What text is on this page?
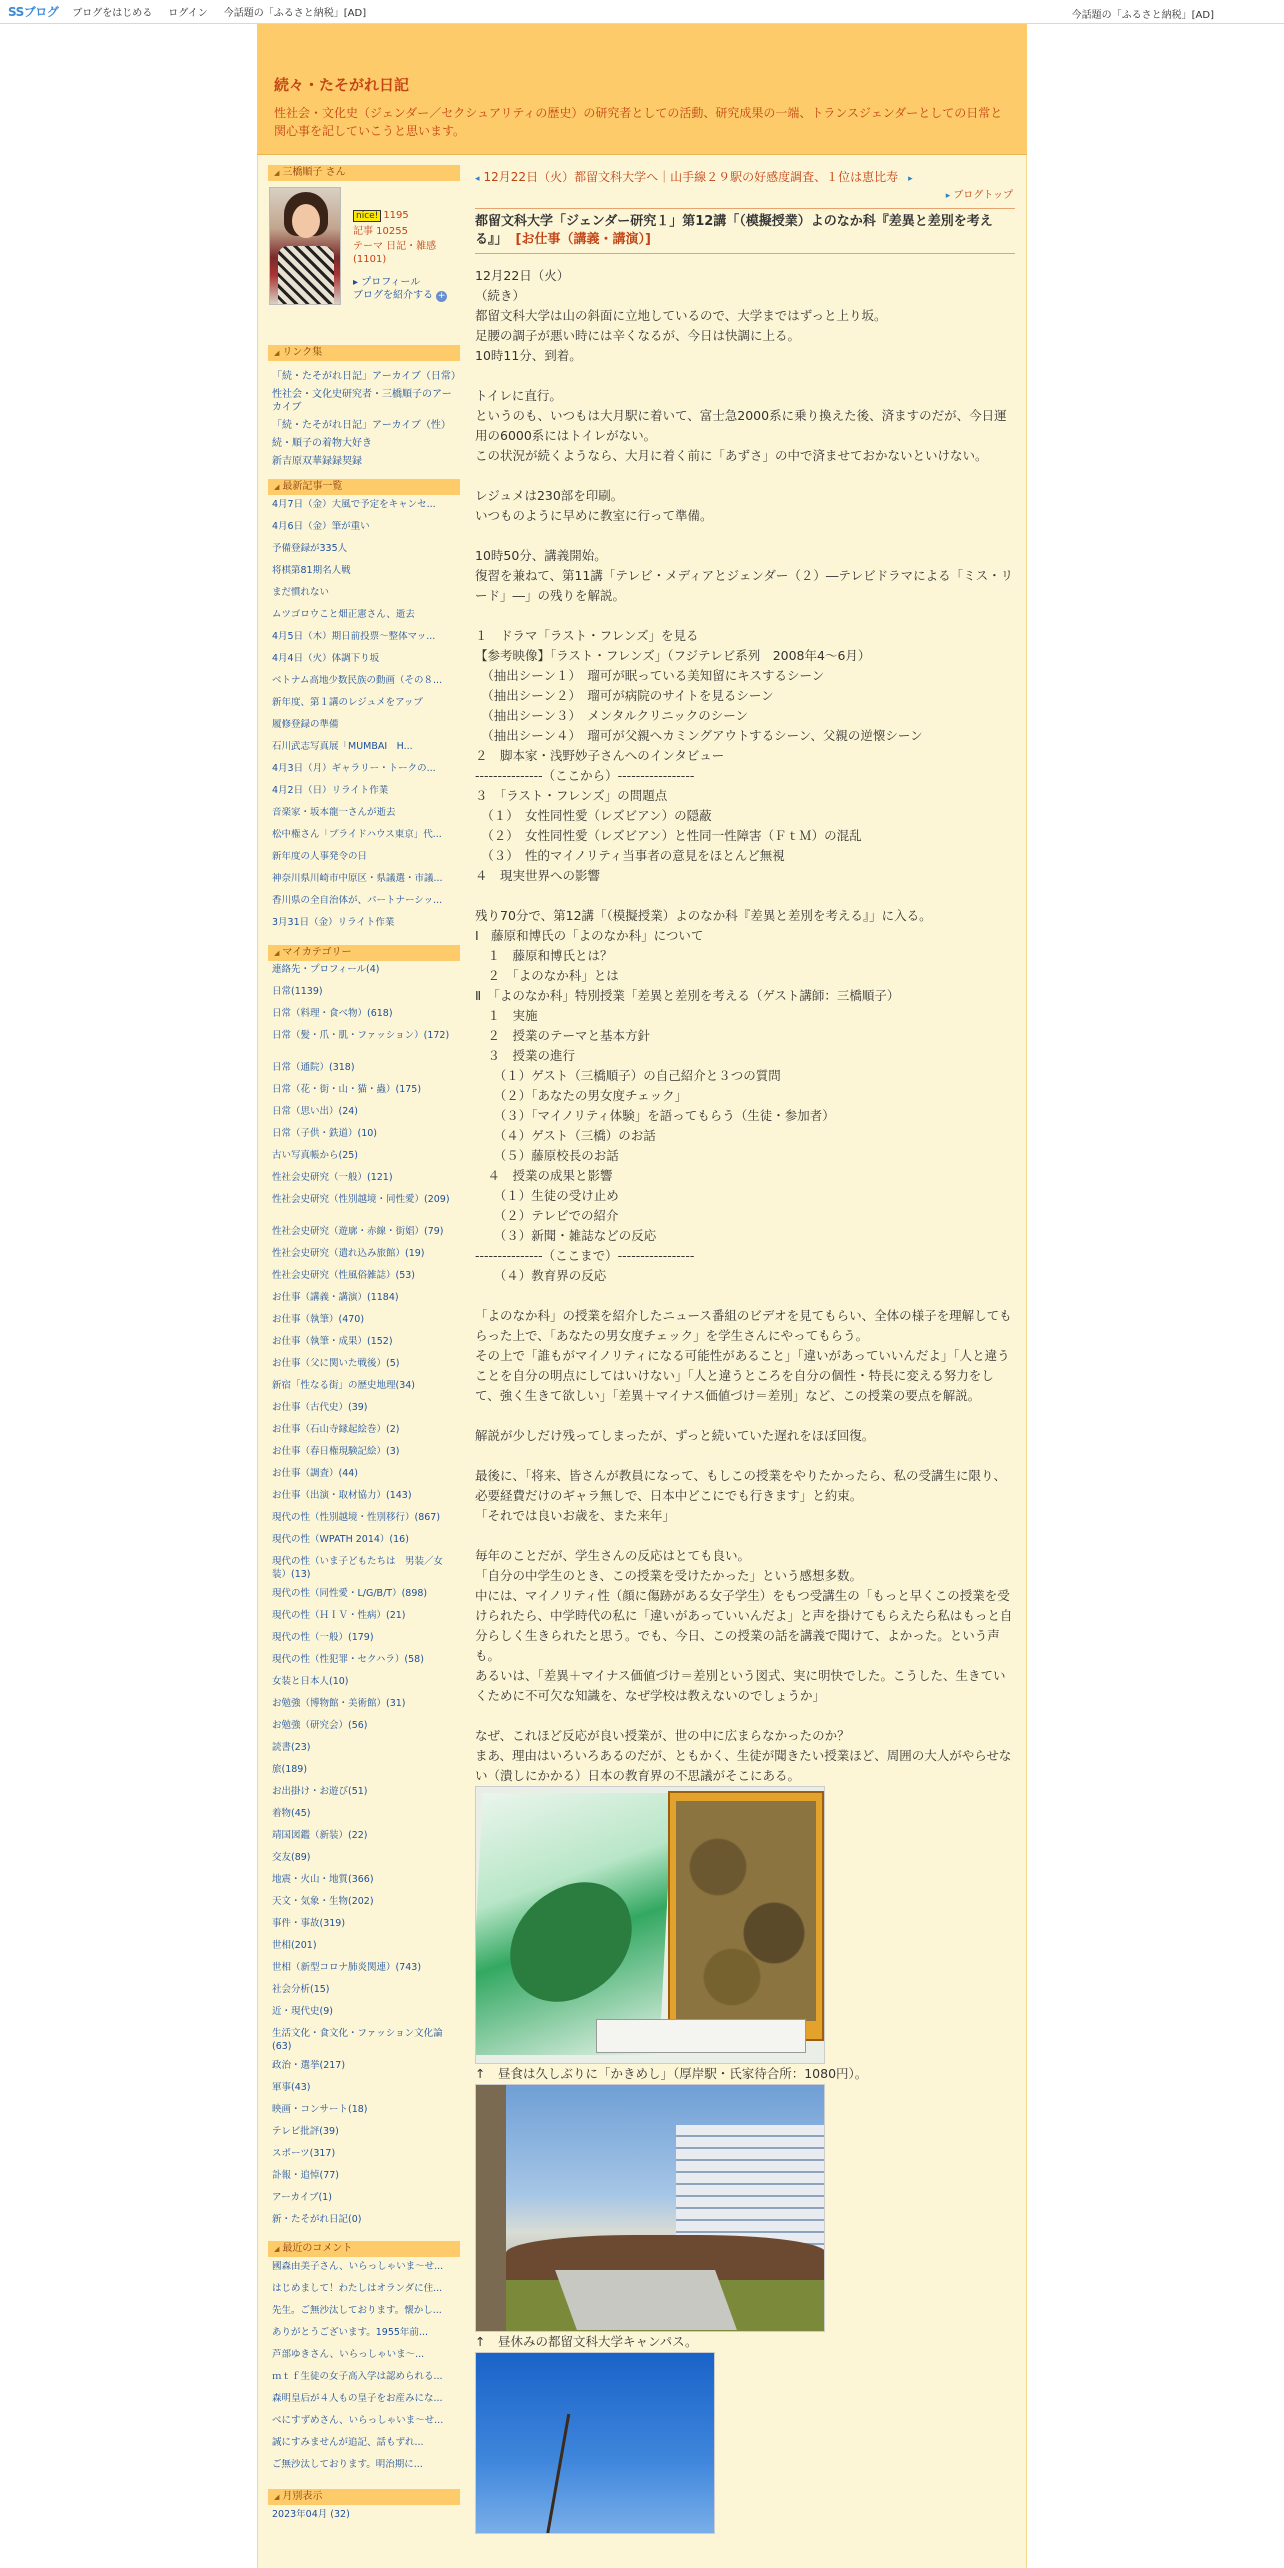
SSブログ ブログをはじめる ログイン 今話題の「ふるさと納税」[AD]	今話題の「ふるさと納税」[AD]
続々・たそがれ日記
性社会・文化史（ジェンダー／セクシュアリティの歴史）の研究者としての活動、研究成果の一端、トランスジェンダーとしての日常と関心事を記していこうと思います。
◢ 三橋順子 さん
nice! 1195
記事 10255
テーマ 日記・雑感 (1101)
▸ プロフィール
ブログを紹介する +
◢ リンク集
「続・たそがれ日記」アーカイブ（日常）
性社会・文化史研究者・三橋順子のアーカイブ
「続・たそがれ日記」アーカイブ（性）
続・順子の着物大好き
新吉原双華録録契録
◢ 最新記事一覧
4月7日（金）大風で予定をキャンセ...
4月6日（金）筆が重い
予備登録が335人
将棋第81期名人戦
まだ慣れない
ムツゴロウこと畑正憲さん、逝去
4月5日（木）期日前投票～整体マッ...
4月4日（火）体調下り坂
ベトナム高地少数民族の動画（その８...
新年度、第１講のレジュメをアップ
履修登録の準備
石川武志写真展「MUMBAI　H...
4月3日（月）ギャラリー・トークの...
4月2日（日）リライト作業
音楽家・坂本龍一さんが逝去
松中権さん「プライドハウス東京」代...
新年度の人事発令の日
神奈川県川崎市中原区・県議選・市議...
香川県の全自治体が、パートナーシッ...
3月31日（金）リライト作業
◢ マイカテゴリー
連絡先・プロフィール(4)
日常(1139)
日常（料理・食べ物）(618)
日常（髪・爪・肌・ファッション）(172)
日常（通院）(318)
日常（花・街・山・猫・蟲）(175)
日常（思い出）(24)
日常（子供・鉄道）(10)
古い写真帳から(25)
性社会史研究（一般）(121)
性社会史研究（性別越境・同性愛）(209)
性社会史研究（遊廓・赤線・街娼）(79)
性社会史研究（遣れ込み旅館）(19)
性社会史研究（性風俗雑誌）(53)
お仕事（講義・講演）(1184)
お仕事（執筆）(470)
お仕事（執筆・成果）(152)
お仕事（父に関いた戦後）(5)
新宿「性なる街」の歴史地理(34)
お仕事（古代史）(39)
お仕事（石山寺縁起絵巻）(2)
お仕事（春日権現験記絵）(3)
お仕事（調査）(44)
お仕事（出演・取材協力）(143)
現代の性（性別越境・性別移行）(867)
現代の性（WPATH 2014）(16)
現代の性（いま子どもたちは　男装／女装）(13)
現代の性（同性愛・L/G/B/T）(898)
現代の性（ＨＩＶ・性病）(21)
現代の性（一般）(179)
現代の性（性犯罪・セクハラ）(58)
女装と日本人(10)
お勉強（博物館・美術館）(31)
お勉強（研究会）(56)
読書(23)
旅(189)
お出掛け・お遊び(51)
着物(45)
靖国図鑑（新装）(22)
交友(89)
地震・火山・地質(366)
天文・気象・生物(202)
事件・事故(319)
世相(201)
世相（新型コロナ肺炎関連）(743)
社会分析(15)
近・現代史(9)
生活文化・食文化・ファッション文化論(63)
政治・選挙(217)
軍事(43)
映画・コンサート(18)
テレビ批評(39)
スポーツ(317)
訃報・追悼(77)
アーカイブ(1)
新・たそがれ日記(0)
◢ 最近のコメント
國森由美子さん、いらっしゃいま～せ...
はじめまして！わたしはオランダに住...
先生。ご無沙汰しております。懐かし...
ありがとうございます。1955年前...
芦部ゆきさん、いらっしゃいま～...
ｍｔｆ生徒の女子高入学は認められる...
森明皇后が４人もの皇子をお産みにな...
べにすずめさん、いらっしゃいま～せ...
誠にすみませんが追記、話もずれ...
ご無沙汰しております。明治期に...
◢ 月別表示
2023年04月 (32)
◂ 12月22日（火）都留文科大学へ｜山手線２９駅の好感度調査、１位は恵比寿 ▸
▸ ブログトップ
都留文科大学「ジェンダー研究１」第12講「（模擬授業）よのなか科『差異と差別を考える』」 [お仕事（講義・講演）]

12月22日（火）
（続き）
都留文科大学は山の斜面に立地しているので、大学まではずっと上り坂。
足腰の調子が悪い時には辛くなるが、今日は快調に上る。
10時11分、到着。

トイレに直行。
というのも、いつもは大月駅に着いて、富士急2000系に乗り換えた後、済ますのだが、今日運用の6000系にはトイレがない。
この状況が続くようなら、大月に着く前に「あずさ」の中で済ませておかないといけない。

レジュメは230部を印刷。
いつものように早めに教室に行って準備。

10時50分、講義開始。
復習を兼ねて、第11講「テレビ・メディアとジェンダー（２）―テレビドラマによる「ミス・リード」―」の残りを解説。

１　ドラマ「ラスト・フレンズ」を見る
【参考映像】「ラスト・フレンズ」（フジテレビ系列　2008年4～6月）
　（抽出シーン１）　瑠可が眠っている美知留にキスするシーン
　（抽出シーン２）　瑠可が病院のサイトを見るシーン
　（抽出シーン３）　メンタルクリニックのシーン
　（抽出シーン４）　瑠可が父親へカミングアウトするシーン、父親の逆懐シーン
２　脚本家・浅野妙子さんへのインタビュー
---------------（ここから）-----------------
３　「ラスト・フレンズ」の問題点
　（１）　女性同性愛（レズビアン）の隠蔽
　（２）　女性同性愛（レズビアン）と性同一性障害（ＦｔＭ）の混乱
　（３）　性的マイノリティ当事者の意見をほとんど無視
４　現実世界への影響

残り70分で、第12講「（模擬授業）よのなか科『差異と差別を考える』」に入る。
Ⅰ　藤原和博氏の「よのなか科」について
　１　藤原和博氏とは？
　２　「よのなか科」とは
Ⅱ　「よのなか科」特別授業「差異と差別を考える（ゲスト講師：三橋順子）
　１　実施
　２　授業のテーマと基本方針
　３　授業の進行
　　（１）ゲスト（三橋順子）の自己紹介と３つの質問
　　（２）「あなたの男女度チェック」
　　（３）「マイノリティ体験」を語ってもらう（生徒・参加者）
　　（４）ゲスト（三橋）のお話
　　（５）藤原校長のお話
　４　授業の成果と影響
　　（１）生徒の受け止め
　　（２）テレビでの紹介
　　（３）新聞・雑誌などの反応
---------------（ここまで）-----------------
　　（４）教育界の反応

「よのなか科」の授業を紹介したニュース番組のビデオを見てもらい、全体の様子を理解してもらった上で、「あなたの男女度チェック」を学生さんにやってもらう。
その上で「誰もがマイノリティになる可能性があること」「違いがあっていいんだよ」「人と違うことを自分の明点にしてはいけない」「人と違うところを自分の個性・特長に変える努力をして、強く生きて欲しい」「差異＋マイナス価値づけ＝差別」など、この授業の要点を解説。

解説が少しだけ残ってしまったが、ずっと続いていた遅れをほぼ回復。

最後に、「将来、皆さんが教員になって、もしこの授業をやりたかったら、私の受講生に限り、必要経費だけのギャラ無しで、日本中どこにでも行きます」と約束。
「それでは良いお歳を、また来年」

毎年のことだが、学生さんの反応はとても良い。
「自分の中学生のとき、この授業を受けたかった」という感想多数。
中には、マイノリティ性（顔に傷跡がある女子学生）をもつ受講生の「もっと早くこの授業を受けられたら、中学時代の私に「違いがあっていいんだよ」と声を掛けてもらえたら私はもっと自分らしく生きられたと思う。でも、今日、この授業の話を講義で聞けて、よかった。という声も。
あるいは、「差異＋マイナス価値づけ＝差別という図式、実に明快でした。こうした、生きていくために不可欠な知識を、なぜ学校は教えないのでしょうか」

なぜ、これほど反応が良い授業が、世の中に広まらなかったのか？
まあ、理由はいろいろあるのだが、ともかく、生徒が聞きたい授業ほど、周囲の大人がやらせない（潰しにかかる）日本の教育界の不思議がそこにある。

↑　昼食は久しぶりに「かきめし」（厚岸駅・氏家待合所：1080円）。
↑　昼休みの都留文科大学キャンパス。
